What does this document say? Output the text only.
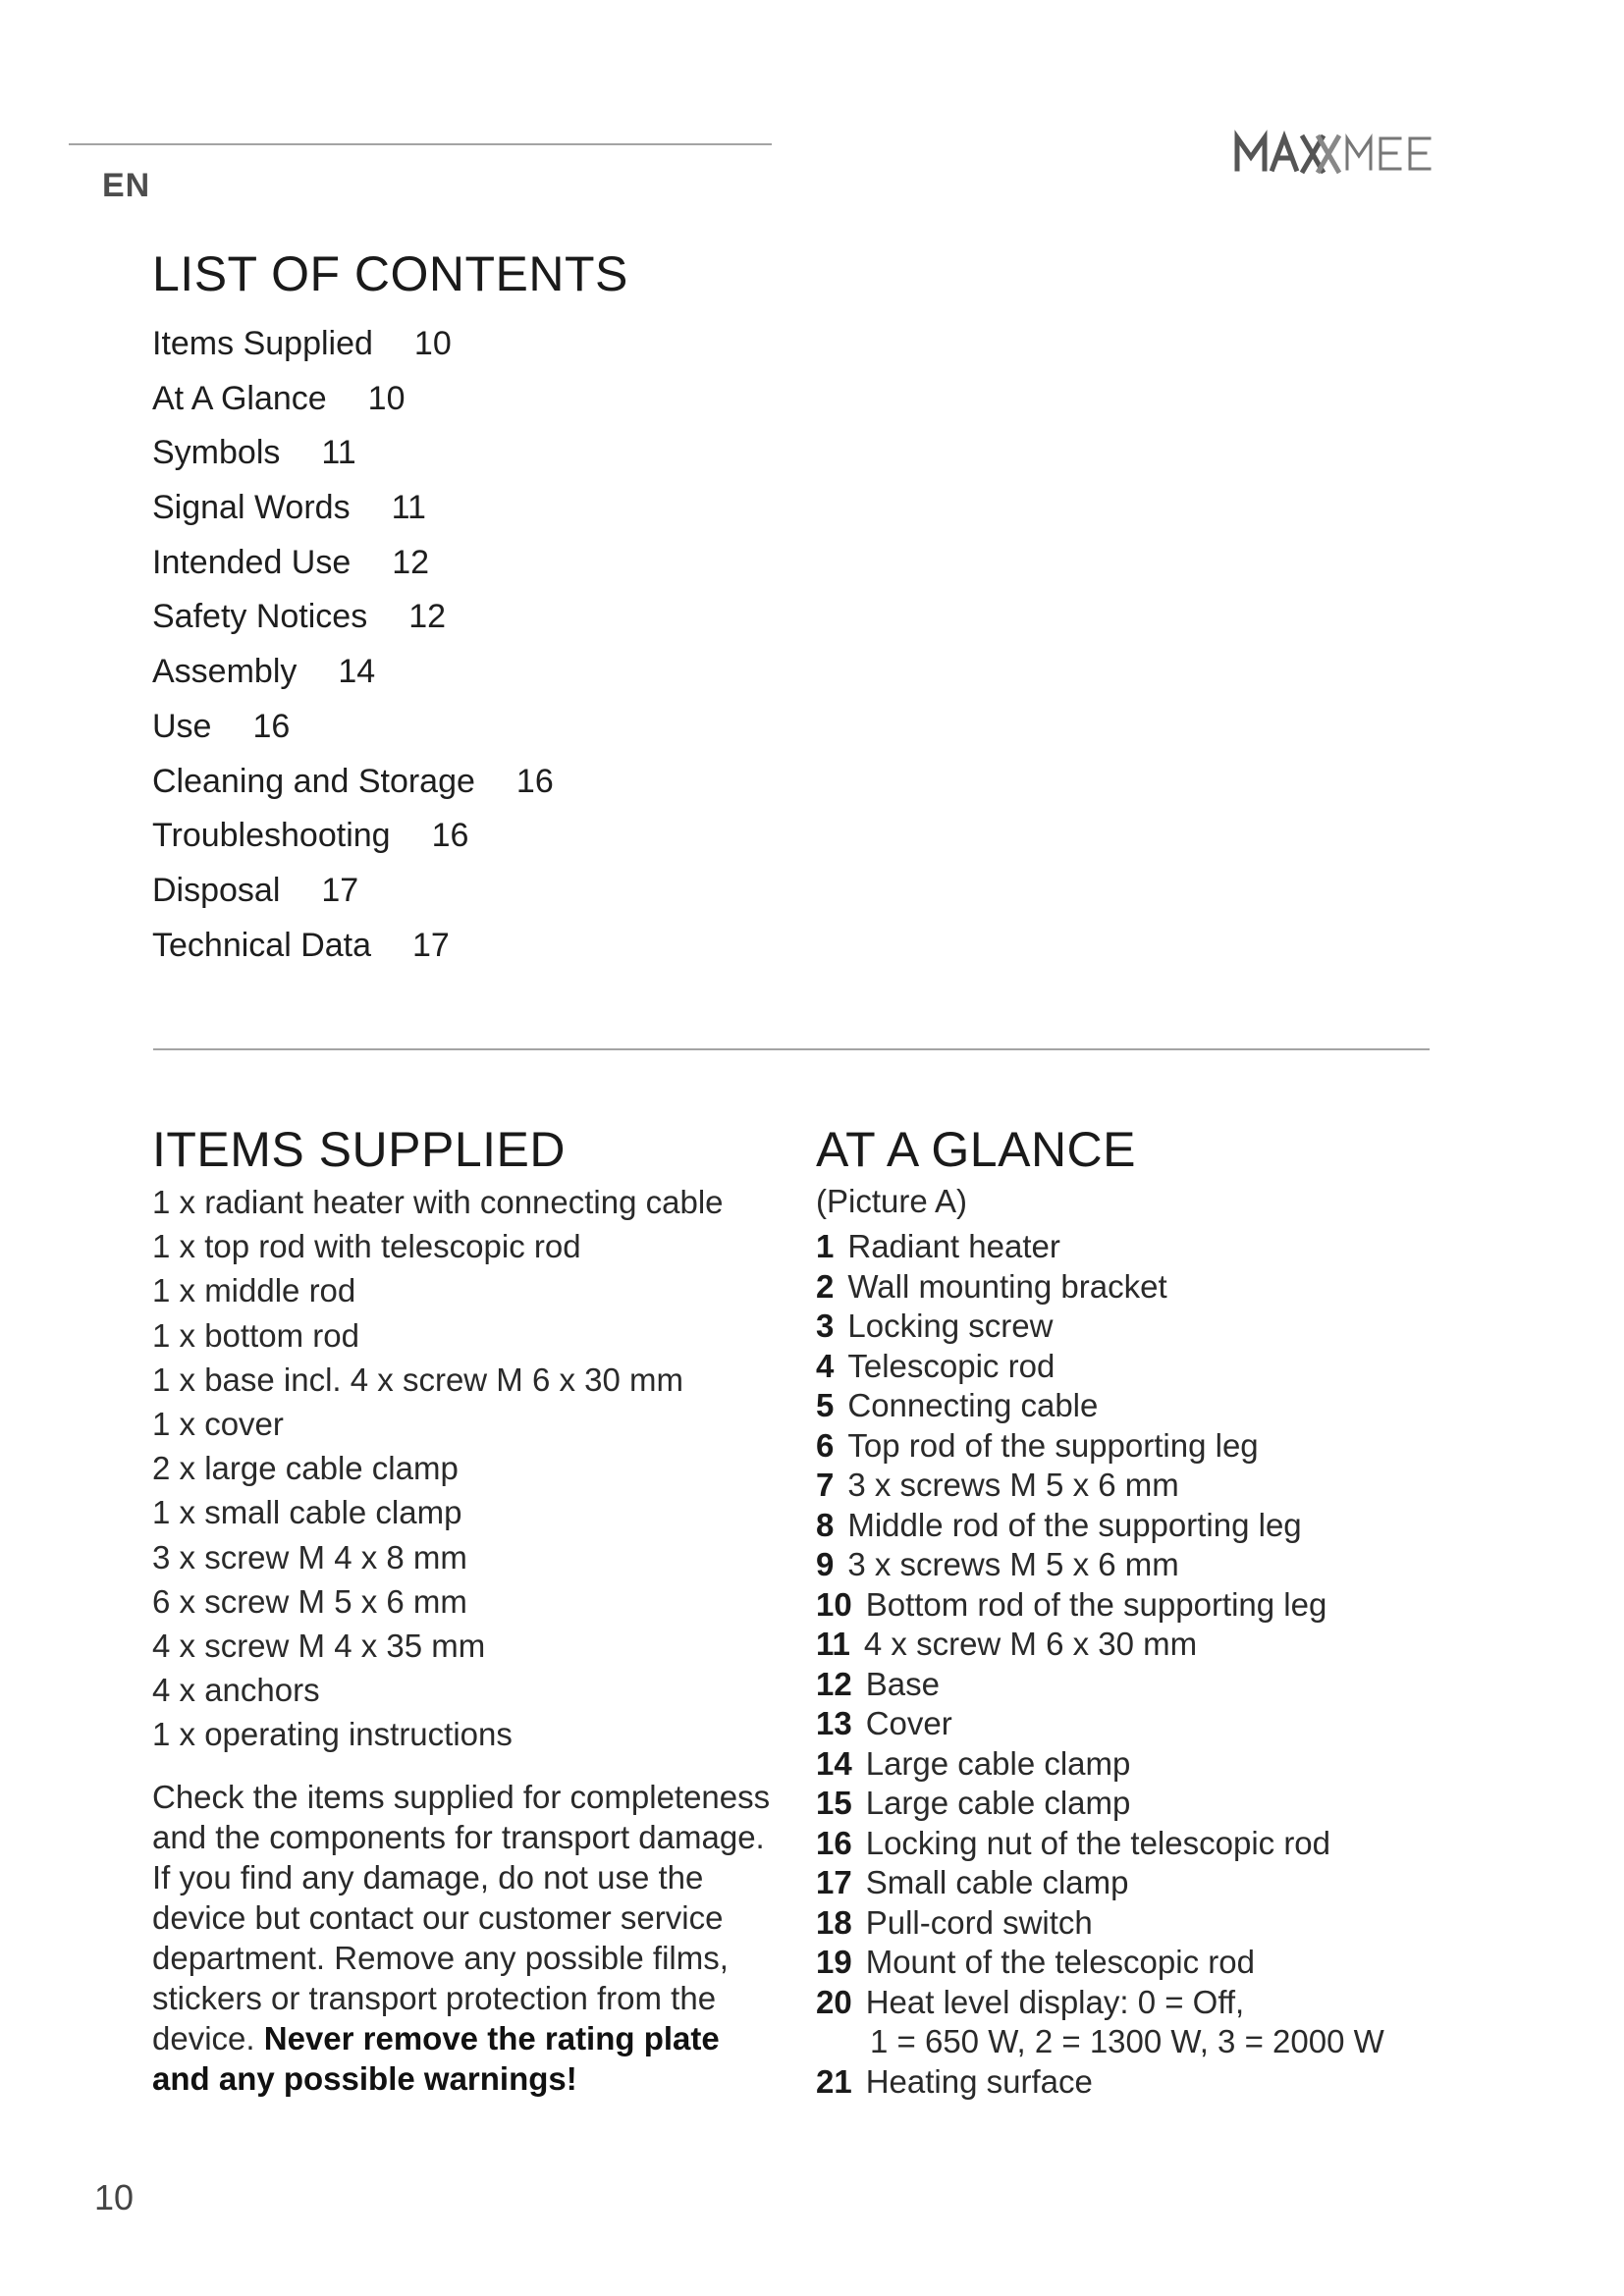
EN
LIST OF CONTENTS
Items Supplied 10
At A Glance 10
Symbols 11
Signal Words 11
Intended Use 12
Safety Notices 12
Assembly 14
Use 16
Cleaning and Storage 16
Troubleshooting 16
Disposal 17
Technical Data 17
ITEMS SUPPLIED
1 x radiant heater with connecting cable
1 x top rod with telescopic rod
1 x middle rod
1 x bottom rod
1 x base incl. 4 x screw M 6 x 30 mm
1 x cover
2 x large cable clamp
1 x small cable clamp
3 x screw M 4 x 8 mm
6 x screw M 5 x 6 mm
4 x screw M 4 x 35 mm
4 x anchors
1 x operating instructions

Check the items supplied for completeness and the components for transport damage. If you find any damage, do not use the device but contact our customer service department. Remove any possible films, stickers or transport protection from the device. Never remove the rating plate and any possible warnings!

AT A GLANCE
(Picture A)
1 Radiant heater
2 Wall mounting bracket
3 Locking screw
4 Telescopic rod
5 Connecting cable
6 Top rod of the supporting leg
7 3 x screws M 5 x 6 mm
8 Middle rod of the supporting leg
9 3 x screws M 5 x 6 mm
10 Bottom rod of the supporting leg
11 4 x screw M 6 x 30 mm
12 Base
13 Cover
14 Large cable clamp
15 Large cable clamp
16 Locking nut of the telescopic rod
17 Small cable clamp
18 Pull-cord switch
19 Mount of the telescopic rod
20 Heat level display: 0 = Off,
1 = 650 W, 2 = 1300 W, 3 = 2000 W
21 Heating surface
10
